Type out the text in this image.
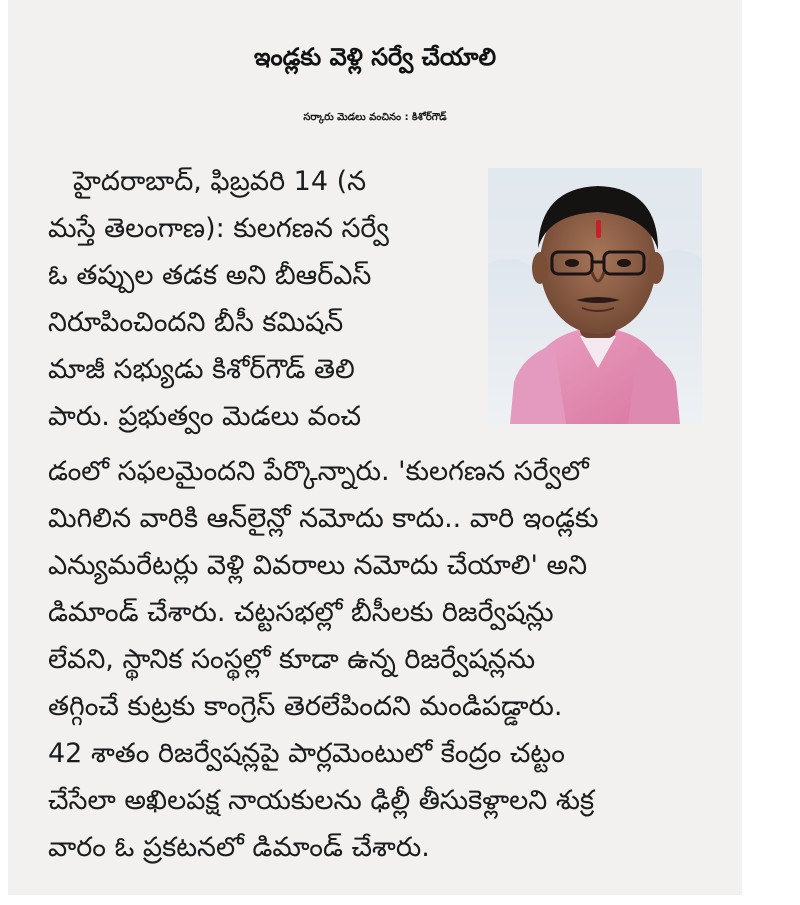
ఇండ్లకు వెళ్లి సర్వే చేయాలి
సర్కారు మెడలు వంచినం : కిశోర్‌గౌడ్
హైదరాబాద్, ఫిబ్రవరి 14 (న
మస్తే తెలంగాణ): కులగణన సర్వే
ఓ తప్పుల తడక అని బీఆర్ఎస్
నిరూపించిందని బీసీ కమిషన్
మాజీ సభ్యుడు కిశోర్‌గౌడ్ తెలి
పారు. ప్రభుత్వం మెడలు వంచ
డంలో సఫలమైందని పేర్కొన్నారు. 'కులగణన సర్వేలో
మిగిలిన వారికి ఆన్‌లైన్లో నమోదు కాదు.. వారి ఇండ్లకు
ఎన్యుమరేటర్లు వెళ్లి వివరాలు నమోదు చేయాలి' అని
డిమాండ్ చేశారు. చట్టసభల్లో బీసీలకు రిజర్వేషన్లు
లేవని, స్థానిక సంస్థల్లో కూడా ఉన్న రిజర్వేషన్లను
తగ్గించే కుట్రకు కాంగ్రెస్ తెరలేపిందని మండిపడ్డారు.
42 శాతం రిజర్వేషన్లపై పార్లమెంటులో కేంద్రం చట్టం
చేసేలా అఖిలపక్ష నాయకులను ఢిల్లీ తీసుకెళ్లాలని శుక్ర
వారం ఓ ప్రకటనలో డిమాండ్ చేశారు.
